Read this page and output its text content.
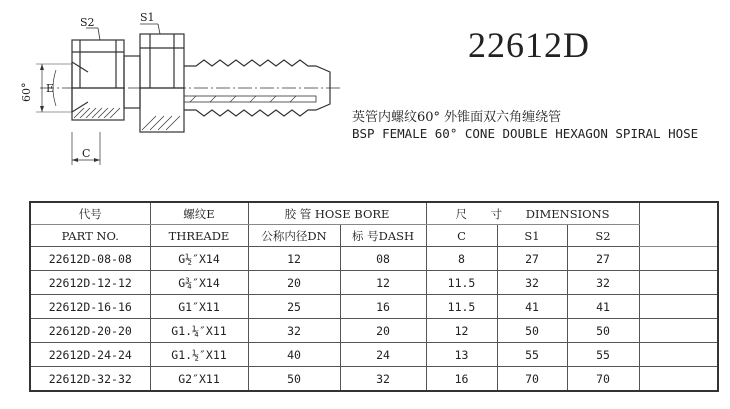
S2	S1
E
C
60°
22612D
英管内螺纹60° 外锥面双六角缠绕管
BSP FEMALE 60° CONE DOUBLE HEXAGON SPIRAL HOSE
代号	螺纹E	胶 管 HOSE BORE		尺 寸 DIMENSIONS			
PART NO.	THREADE	公称内径DN	标 号DASH	C	S1	S2	
22612D-08-08	G½″X14	12	08	8	27	27	
22612D-12-12	G¾″X14	20	12	11.5	32	32	
22612D-16-16	G1″X11	25	16	11.5	41	41	
22612D-20-20	G1.¼″X11	32	20	12	50	50	
22612D-24-24	G1.½″X11	40	24	13	55	55	
22612D-32-32	G2″X11	50	32	16	70	70	
